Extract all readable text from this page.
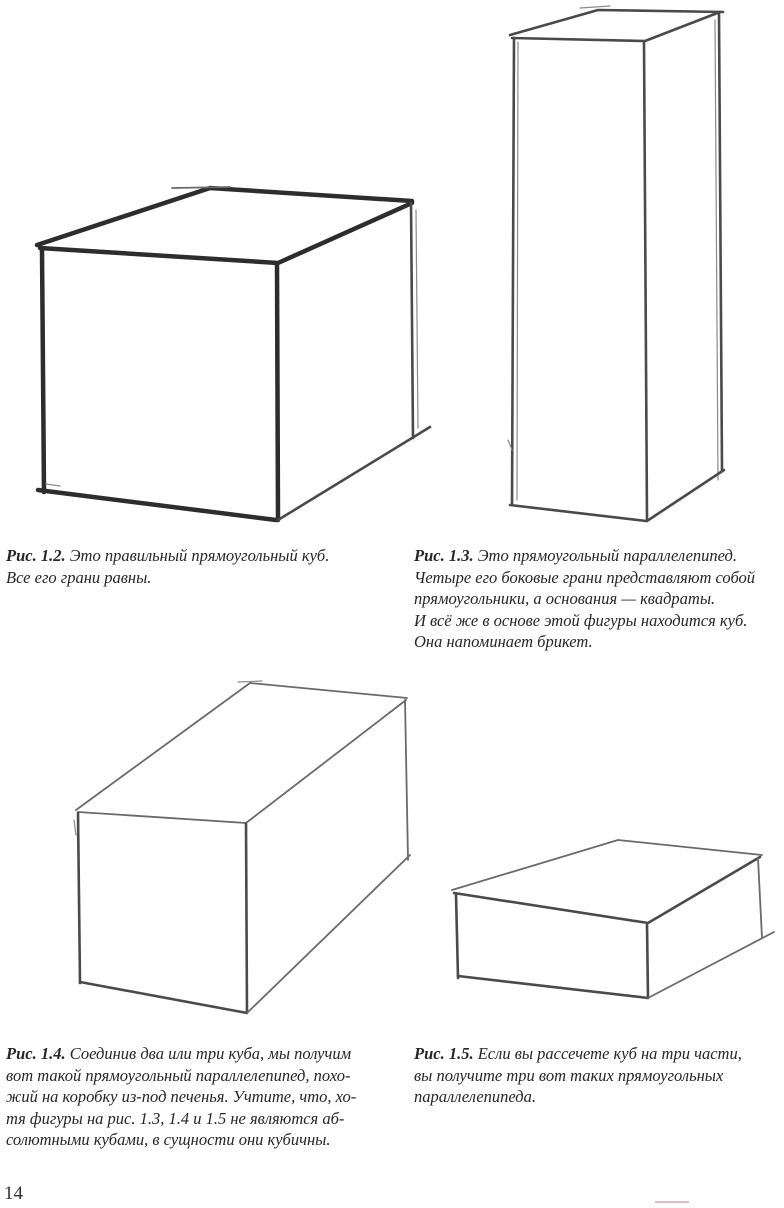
Рис. 1.2. Это правильный прямоугольный куб.
Все его грани равны.
Рис. 1.3. Это прямоугольный параллелепипед.
Четыре его боковые грани представляют собой
прямоугольники, а основания — квадраты.
И всё же в основе этой фигуры находится куб.
Она напоминает брикет.
Рис. 1.4. Соединив два или три куба, мы получим
вот такой прямоугольный параллелепипед, похо-
жий на коробку из-под печенья. Учтите, что, хо-
тя фигуры на рис. 1.3, 1.4 и 1.5 не являются аб-
солютными кубами, в сущности они кубичны.
Рис. 1.5. Если вы рассечете куб на три части,
вы получите три вот таких прямоугольных
параллелепипеда.
14
